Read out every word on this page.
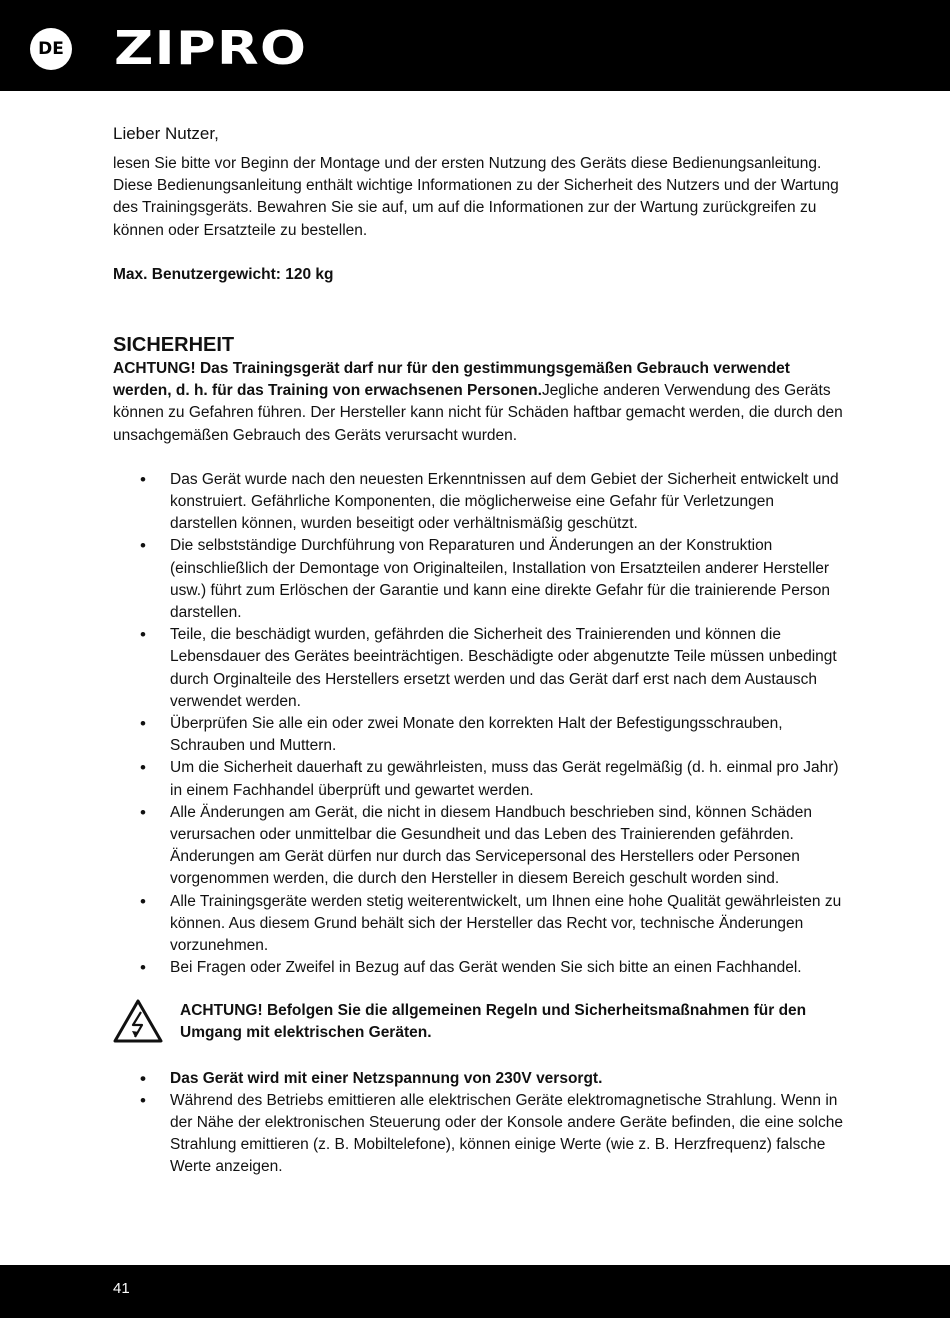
DE ZIPRO

Lieber Nutzer,

lesen Sie bitte vor Beginn der Montage und der ersten Nutzung des Geräts diese Bedienungsanleitung. Diese Bedienungsanleitung enthält wichtige Informationen zu der Sicherheit des Nutzers und der Wartung des Trainingsgeräts. Bewahren Sie sie auf, um auf die Informationen zur der Wartung zurückgreifen zu können oder Ersatzteile zu bestellen.

Max. Benutzergewicht: 120 kg

SICHERHEIT

ACHTUNG! Das Trainingsgerät darf nur für den gestimmungsgemäßen Gebrauch verwendet werden, d. h. für das Training von erwachsenen Personen.Jegliche anderen Verwendung des Geräts können zu Gefahren führen. Der Hersteller kann nicht für Schäden haftbar gemacht werden, die durch den unsachgemäßen Gebrauch des Geräts verursacht wurden.

• Das Gerät wurde nach den neuesten Erkenntnissen auf dem Gebiet der Sicherheit entwickelt und konstruiert. Gefährliche Komponenten, die möglicherweise eine Gefahr für Verletzungen darstellen können, wurden beseitigt oder verhältnismäßig geschützt.
• Die selbstständige Durchführung von Reparaturen und Änderungen an der Konstruktion (einschließlich der Demontage von Originalteilen, Installation von Ersatzteilen anderer Hersteller usw.) führt zum Erlöschen der Garantie und kann eine direkte Gefahr für die trainierende Person darstellen.
• Teile, die beschädigt wurden, gefährden die Sicherheit des Trainierenden und können die Lebensdauer des Gerätes beeinträchtigen. Beschädigte oder abgenutzte Teile müssen unbedingt durch Orginalteile des Herstellers ersetzt werden und das Gerät darf erst nach dem Austausch verwendet werden.
• Überprüfen Sie alle ein oder zwei Monate den korrekten Halt der Befestigungsschrauben, Schrauben und Muttern.
• Um die Sicherheit dauerhaft zu gewährleisten, muss das Gerät regelmäßig (d. h. einmal pro Jahr) in einem Fachhandel überprüft und gewartet werden.
• Alle Änderungen am Gerät, die nicht in diesem Handbuch beschrieben sind, können Schäden verursachen oder unmittelbar die Gesundheit und das Leben des Trainierenden gefährden. Änderungen am Gerät dürfen nur durch das Servicepersonal des Herstellers oder Personen vorgenommen werden, die durch den Hersteller in diesem Bereich geschult worden sind.
• Alle Trainingsgeräte werden stetig weiterentwickelt, um Ihnen eine hohe Qualität gewährleisten zu können. Aus diesem Grund behält sich der Hersteller das Recht vor, technische Änderungen vorzunehmen.
• Bei Fragen oder Zweifel in Bezug auf das Gerät wenden Sie sich bitte an einen Fachhandel.
ACHTUNG! Befolgen Sie die allgemeinen Regeln und Sicherheitsmaßnahmen für den Umgang mit elektrischen Geräten.
• Das Gerät wird mit einer Netzspannung von 230V versorgt.
• Während des Betriebs emittieren alle elektrischen Geräte elektromagnetische Strahlung. Wenn in der Nähe der elektronischen Steuerung oder der Konsole andere Geräte befinden, die eine solche Strahlung emittieren (z. B. Mobiltelefone), können einige Werte (wie z. B. Herzfrequenz) falsche Werte anzeigen.
41
